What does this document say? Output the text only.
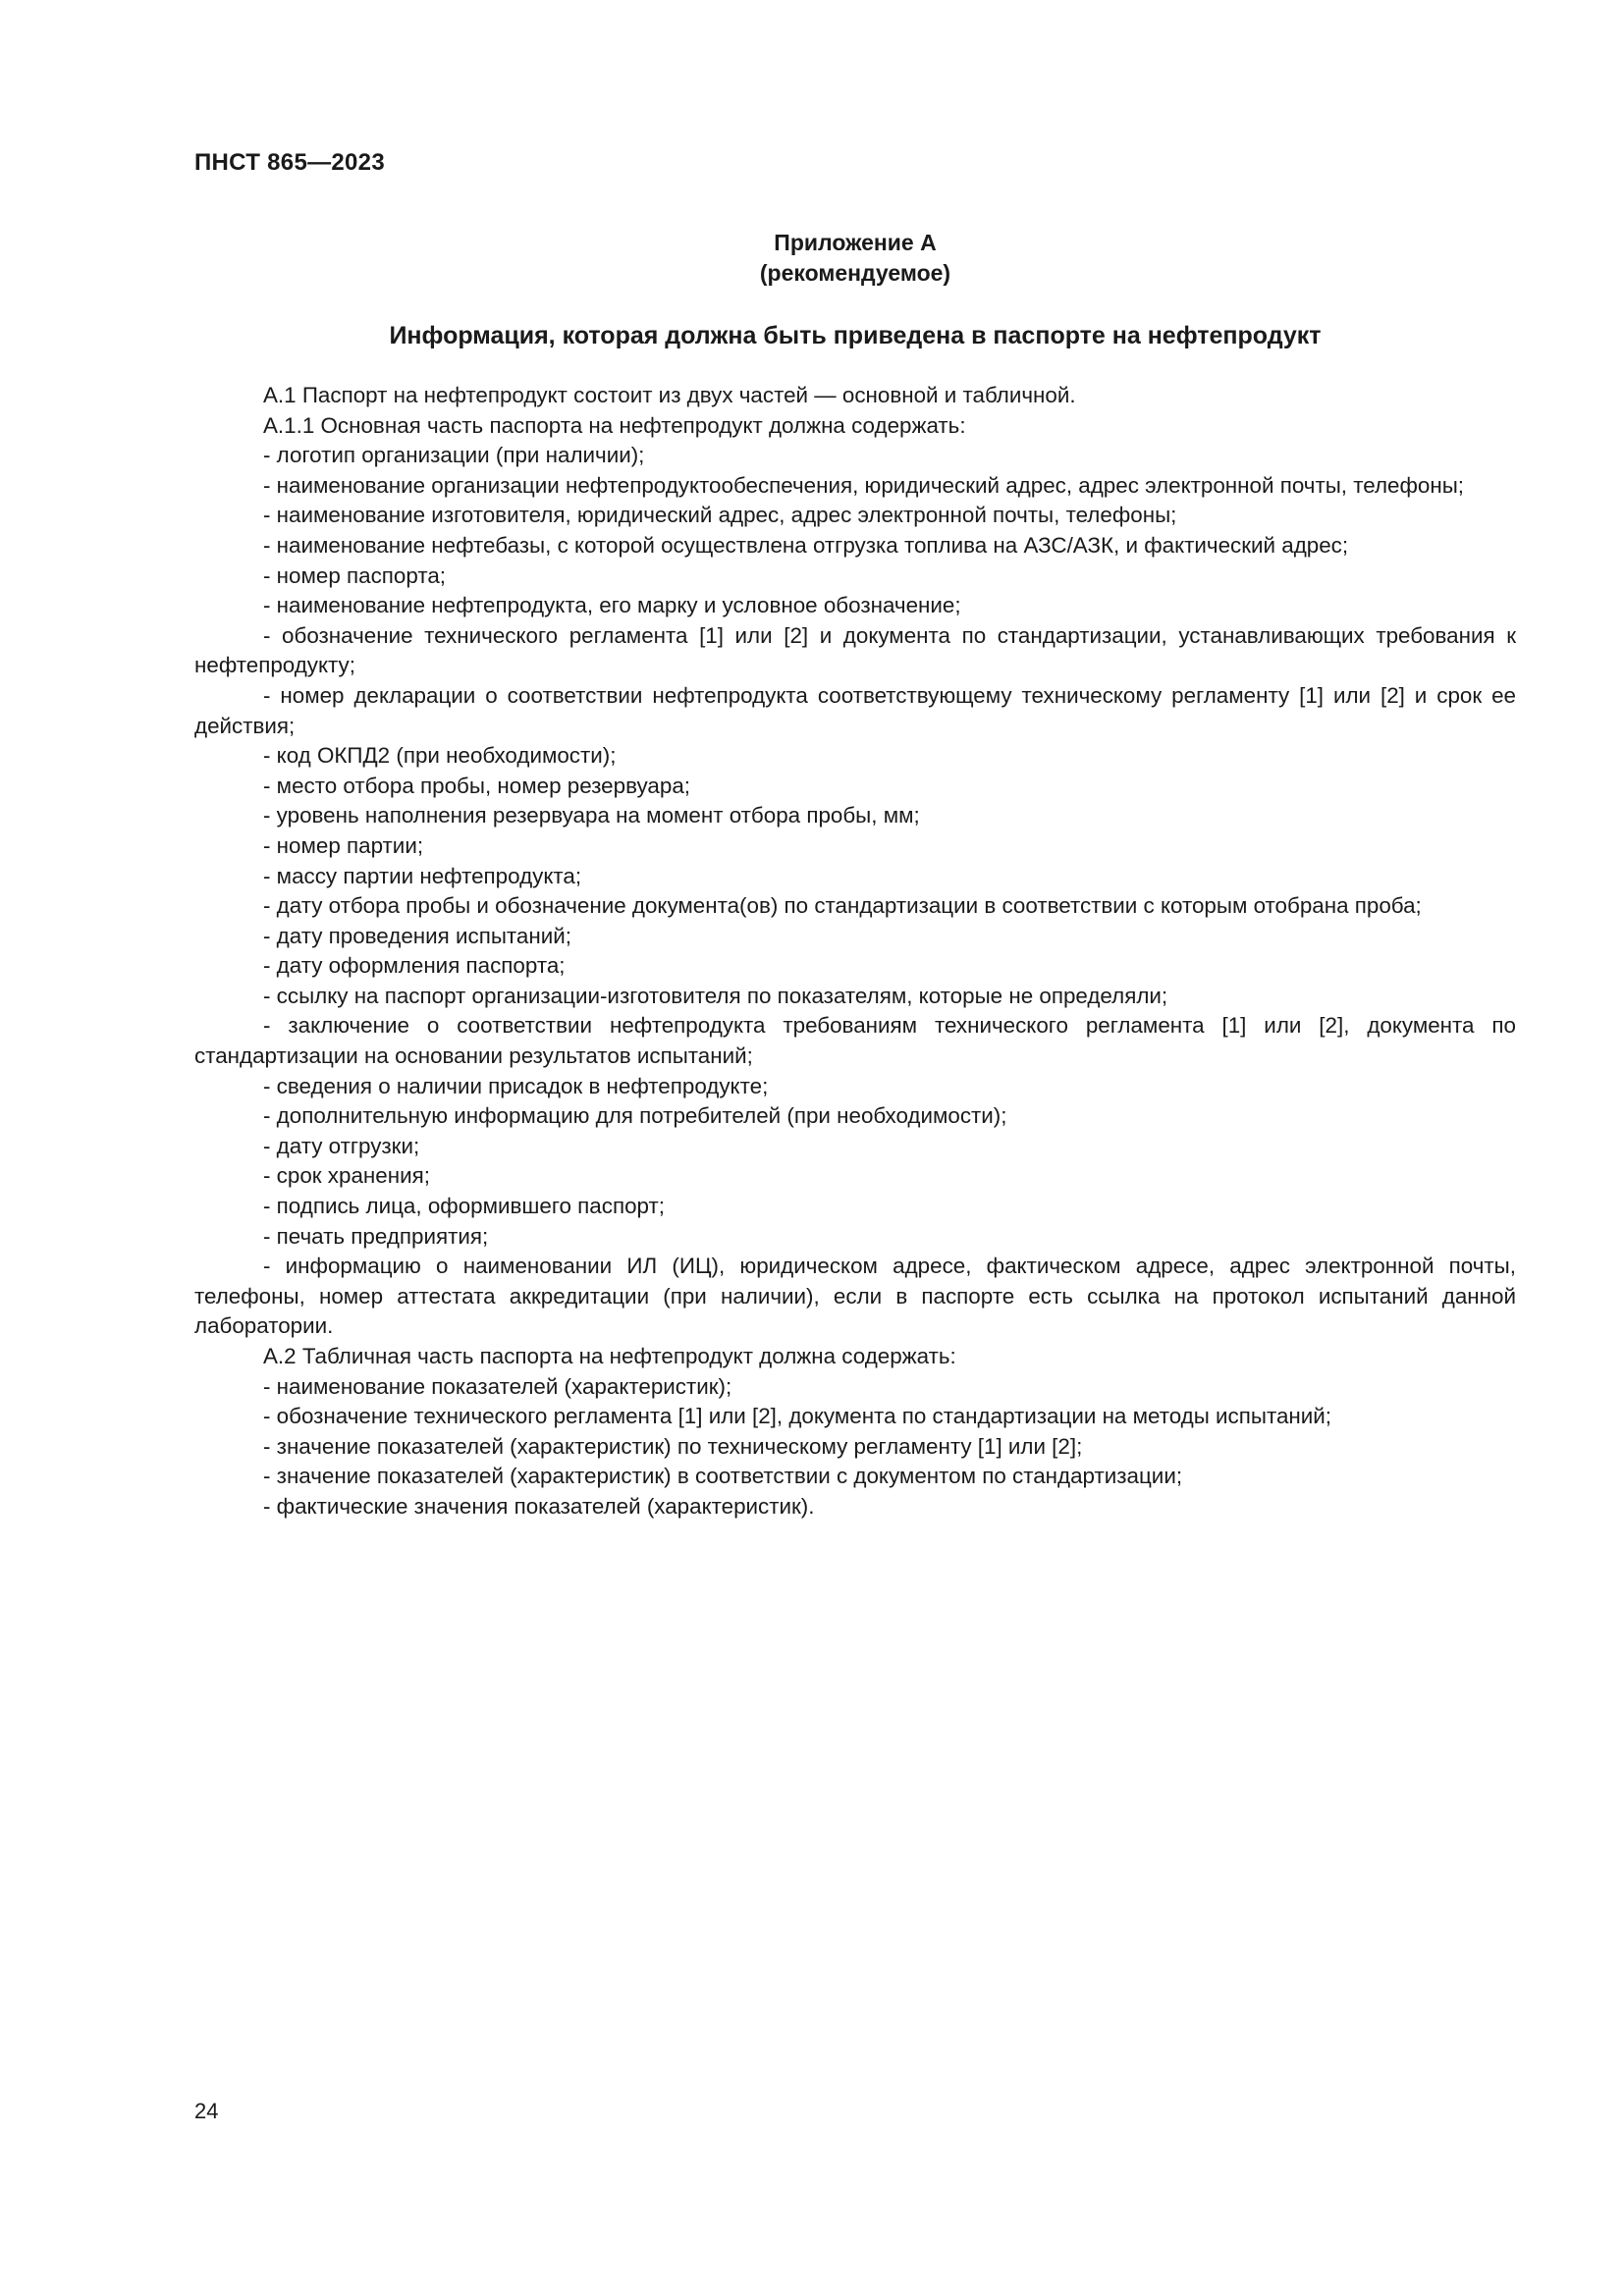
ПНСТ 865—2023
Приложение А
(рекомендуемое)
Информация, которая должна быть приведена в паспорте на нефтепродукт

А.1 Паспорт на нефтепродукт состоит из двух частей — основной и табличной.

А.1.1 Основная часть паспорта на нефтепродукт должна содержать:

- логотип организации (при наличии);

- наименование организации нефтепродуктообеспечения, юридический адрес, адрес электронной почты, телефоны;

- наименование изготовителя, юридический адрес, адрес электронной почты, телефоны;

- наименование нефтебазы, с которой осуществлена отгрузка топлива на АЗС/АЗК, и фактический адрес;

- номер паспорта;

- наименование нефтепродукта, его марку и условное обозначение;

- обозначение технического регламента [1] или [2] и документа по стандартизации, устанавливающих требования к нефтепродукту;

- номер декларации о соответствии нефтепродукта соответствующему техническому регламенту [1] или [2] и срок ее действия;

- код ОКПД2 (при необходимости);

- место отбора пробы, номер резервуара;

- уровень наполнения резервуара на момент отбора пробы, мм;

- номер партии;

- массу партии нефтепродукта;

- дату отбора пробы и обозначение документа(ов) по стандартизации в соответствии с которым отобрана проба;

- дату проведения испытаний;

- дату оформления паспорта;

- ссылку на паспорт организации-изготовителя по показателям, которые не определяли;

- заключение о соответствии нефтепродукта требованиям технического регламента [1] или [2], документа по стандартизации на основании результатов испытаний;

- сведения о наличии присадок в нефтепродукте;

- дополнительную информацию для потребителей (при необходимости);

- дату отгрузки;

- срок хранения;

- подпись лица, оформившего паспорт;

- печать предприятия;

- информацию о наименовании ИЛ (ИЦ), юридическом адресе, фактическом адресе, адрес электронной почты, телефоны, номер аттестата аккредитации (при наличии), если в паспорте есть ссылка на протокол испытаний данной лаборатории.

А.2 Табличная часть паспорта на нефтепродукт должна содержать:

- наименование показателей (характеристик);

- обозначение технического регламента [1] или [2], документа по стандартизации на методы испытаний;

- значение показателей (характеристик) по техническому регламенту [1] или [2];

- значение показателей (характеристик) в соответствии с документом по стандартизации;

- фактические значения показателей (характеристик).

24
